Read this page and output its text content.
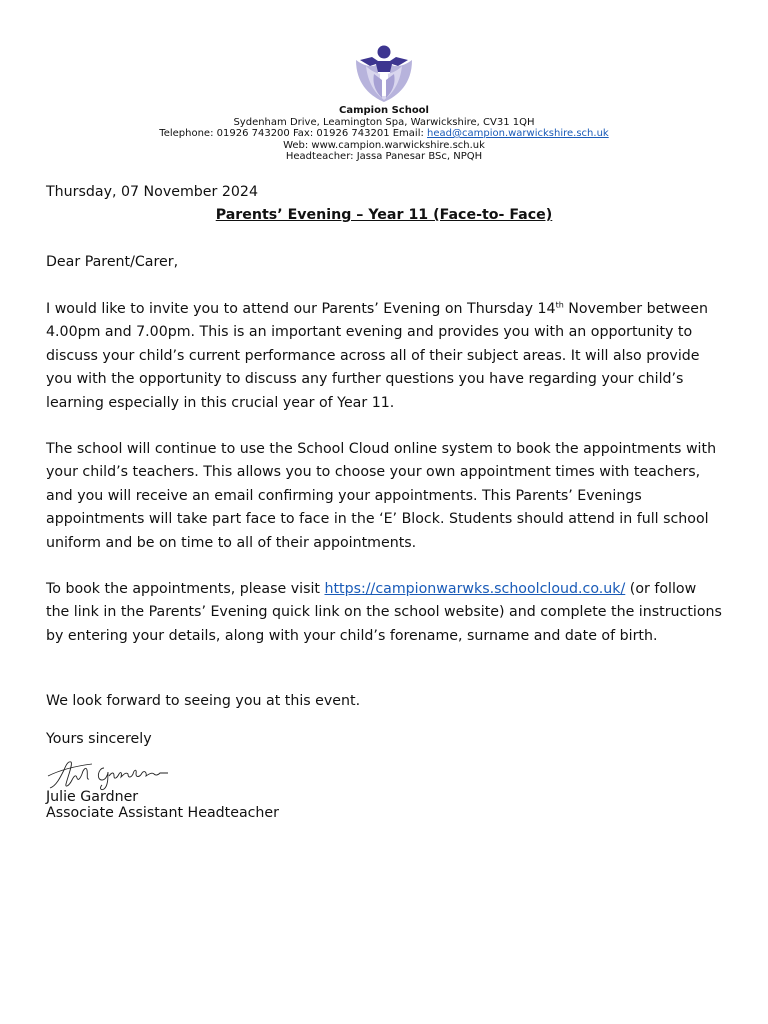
Campion School
Sydenham Drive, Leamington Spa, Warwickshire, CV31 1QH
Telephone: 01926 743200 Fax: 01926 743201 Email: head@campion.warwickshire.sch.uk
Web: www.campion.warwickshire.sch.uk
Headteacher: Jassa Panesar BSc, NPQH
Thursday, 07 November 2024
Parents’ Evening – Year 11 (Face-to- Face)
Dear Parent/Carer,

I would like to invite you to attend our Parents’ Evening on Thursday 14th November between 4.00pm and 7.00pm. This is an important evening and provides you with an opportunity to discuss your child’s current performance across all of their subject areas. It will also provide you with the opportunity to discuss any further questions you have regarding your child’s learning especially in this crucial year of Year 11.

The school will continue to use the School Cloud online system to book the appointments with your child’s teachers. This allows you to choose your own appointment times with teachers, and you will receive an email confirming your appointments. This Parents’ Evenings appointments will take part face to face in the ‘E’ Block. Students should attend in full school uniform and be on time to all of their appointments.

To book the appointments, please visit https://campionwarwks.schoolcloud.co.uk/ (or follow the link in the Parents’ Evening quick link on the school website) and complete the instructions by entering your details, along with your child’s forename, surname and date of birth.

We look forward to seeing you at this event.

Yours sincerely
Julie Gardner
Associate Assistant Headteacher
